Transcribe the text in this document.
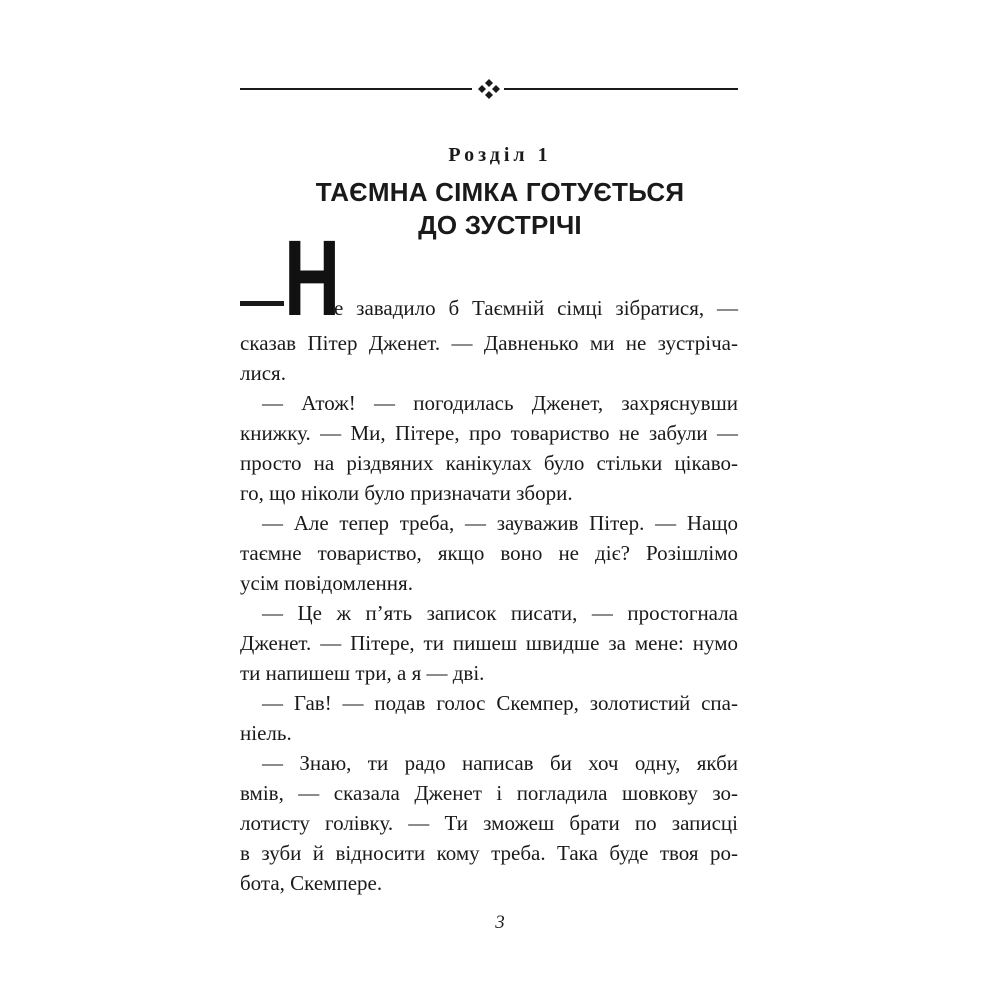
Розділ 1
ТАЄМНА СІМКА ГОТУЄТЬСЯ
ДО ЗУСТРІЧІ
Н
е завадило б Таємній сімці зібратися, —
сказав Пітер Дженет. — Давненько ми не зустріча-
лися.
— Атож! — погодилась Дженет, захряснувши
книжку. — Ми, Пітере, про товариство не забули —
просто на різдвяних канікулах було стільки цікаво-
го, що ніколи було призначати збори.
— Але тепер треба, — зауважив Пітер. — Нащо
таємне товариство, якщо воно не діє? Розішлімо
усім повідомлення.
— Це ж п’ять записок писати, — простогнала
Дженет. — Пітере, ти пишеш швидше за мене: нумо
ти напишеш три, а я — дві.
— Гав! — подав голос Скемпер, золотистий спа-
ніель.
— Знаю, ти радо написав би хоч одну, якби
вмів, — сказала Дженет і погладила шовкову зо-
лотисту голівку. — Ти зможеш брати по записці
в зуби й відносити кому треба. Така буде твоя ро-
бота, Скемпере.
3
